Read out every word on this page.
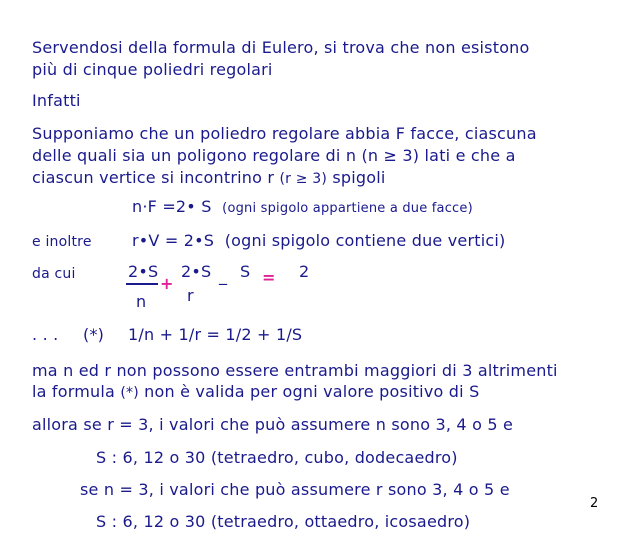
Servendosi della formula di Eulero, si trova che non esistono
più di cinque poliedri regolari
Infatti
Supponiamo che un poliedro regolare abbia F facce, ciascuna
delle quali sia un poligono regolare di n (n ≥ 3) lati e che a
ciascun vertice si incontrino r (r ≥ 3) spigoli
n·F =2• S (ogni spigolo appartiene a due facce)
e inoltre	r•V = 2•S (ogni spigolo contiene due vertici)
da cui	2•S
n
+
2•S
r
_ S = 2
. . . (*) 1/n + 1/r = 1/2 + 1/S
ma n ed r non possono essere entrambi maggiori di 3 altrimenti
la formula (*) non è valida per ogni valore positivo di S
allora se r = 3, i valori che può assumere n sono 3, 4 o 5 e
S : 6, 12 o 30 (tetraedro, cubo, dodecaedro)
se n = 3, i valori che può assumere r sono 3, 4 o 5 e
S : 6, 12 o 30 (tetraedro, ottaedro, icosaedro)
2
